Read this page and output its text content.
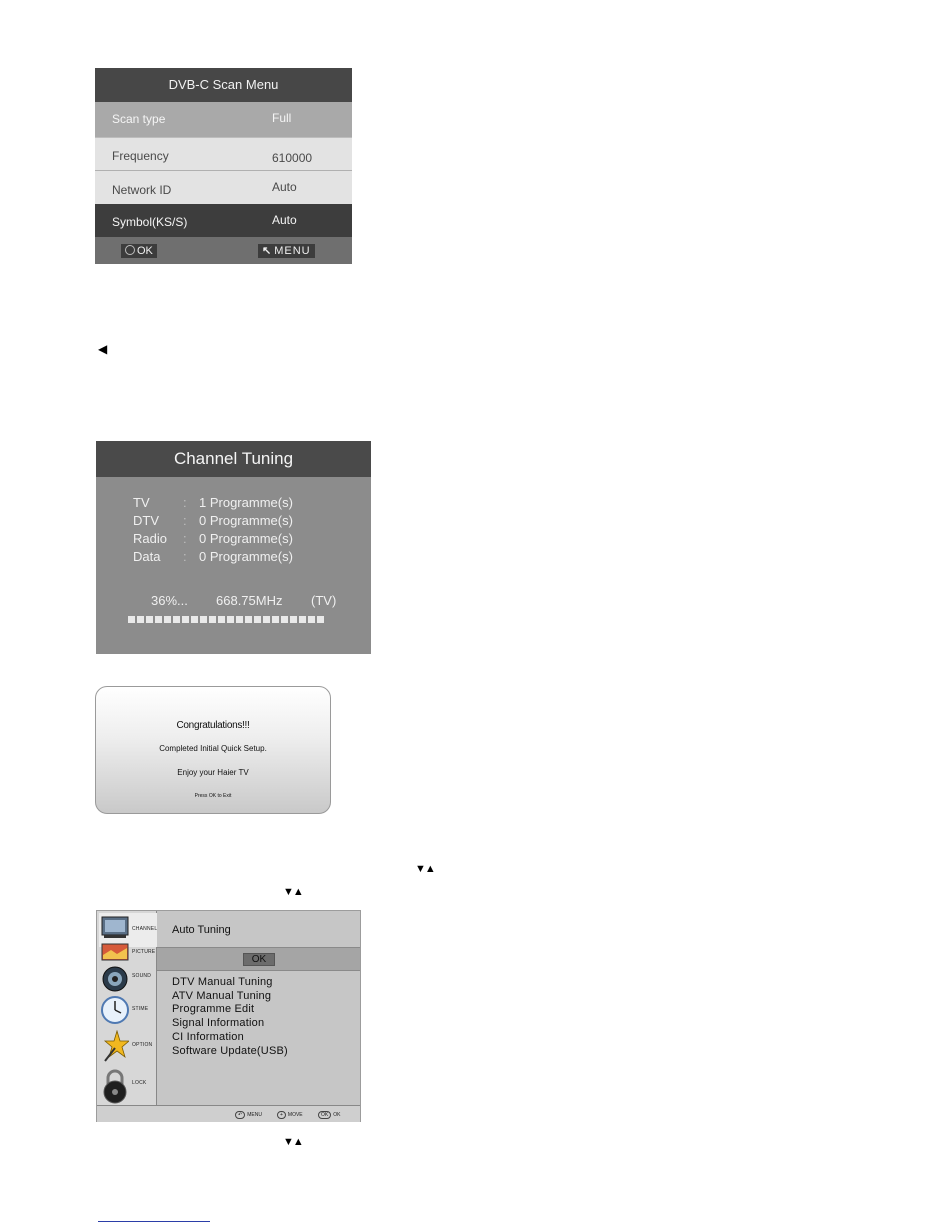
◀
DVB-C Scan Menu
Scan type	Full
Frequency	610000
Network ID	Auto
Symbol(KS/S)	Auto
OK	↖ MENU
Channel Tuning
TV	: 1 Programme(s)
DTV : 0 Programme(s)
Radio : 0 Programme(s)
Data : 0 Programme(s)
36%... 668.75MHz (TV)
Congratulations!!!
Completed Initial Quick Setup.
Enjoy your Haier TV
Press OK to Exit
▼▲
▼▲
▼▲
CHANNEL
PICTURE
SOUND
STIME
OPTION
LOCK
Auto Tuning
OK
DTV Manual Tuning
ATV Manual Tuning
Programme Edit
Signal Information
CI Information
Software Update(USB)
↶ MENU	+ MOVE	OK OK
